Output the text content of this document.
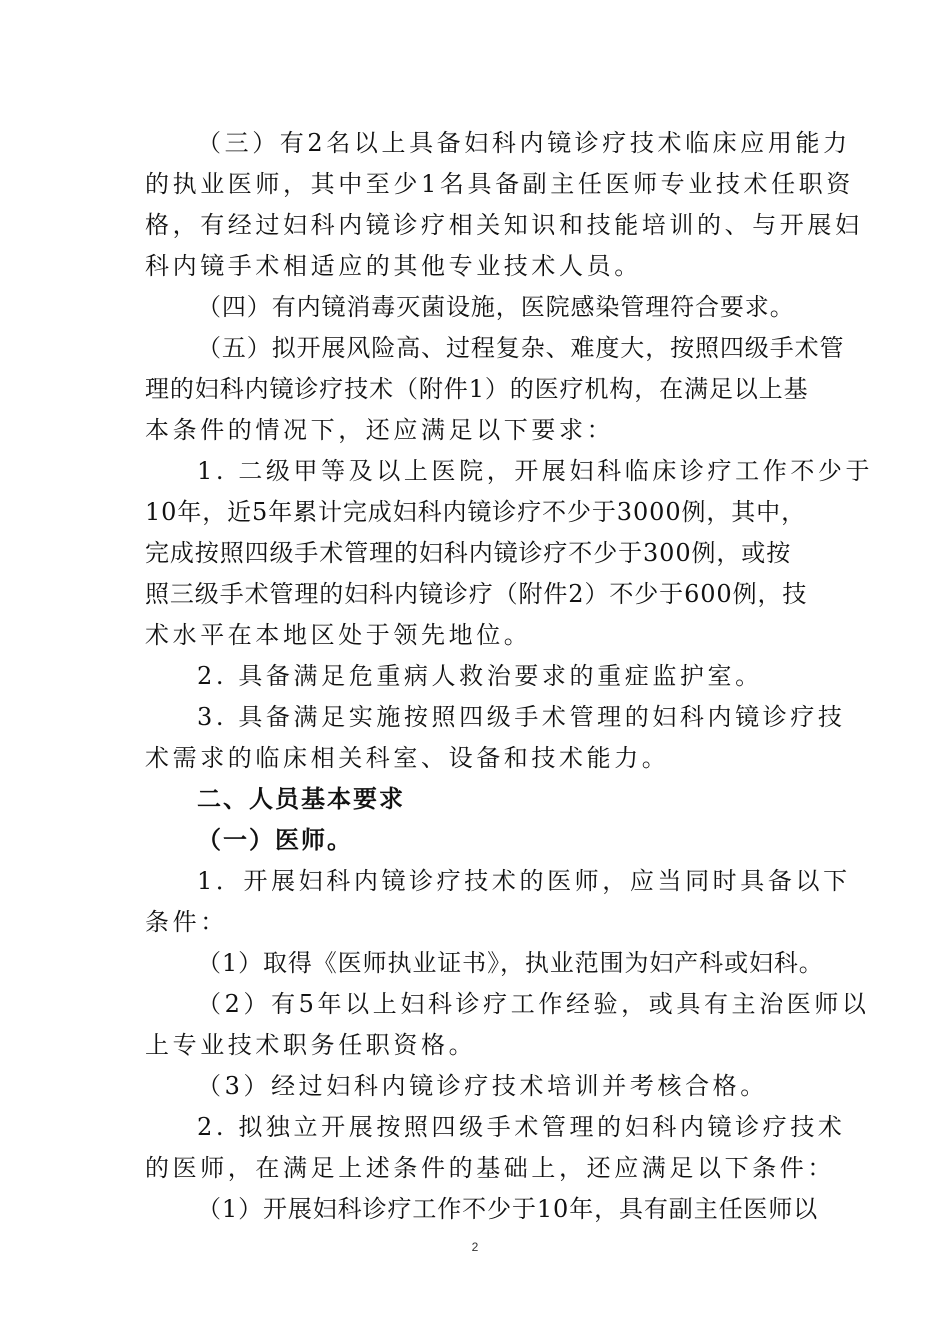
（三）有2名以上具备妇科内镜诊疗技术临床应用能力
的执业医师，其中至少1名具备副主任医师专业技术任职资
格，有经过妇科内镜诊疗相关知识和技能培训的、与开展妇
科内镜手术相适应的其他专业技术人员。
（四）有内镜消毒灭菌设施，医院感染管理符合要求。
（五）拟开展风险高、过程复杂、难度大，按照四级手术管
理的妇科内镜诊疗技术（附件1）的医疗机构，在满足以上基
本条件的情况下，还应满足以下要求：
1. 二级甲等及以上医院，开展妇科临床诊疗工作不少于
10年，近5年累计完成妇科内镜诊疗不少于3000例，其中，
完成按照四级手术管理的妇科内镜诊疗不少于300例，或按
照三级手术管理的妇科内镜诊疗（附件2）不少于600例，技
术水平在本地区处于领先地位。
2. 具备满足危重病人救治要求的重症监护室。
3. 具备满足实施按照四级手术管理的妇科内镜诊疗技
术需求的临床相关科室、设备和技术能力。
二、人员基本要求
（一）医师。
1．开展妇科内镜诊疗技术的医师，应当同时具备以下
条件：
（1）取得《医师执业证书》，执业范围为妇产科或妇科。
（2）有5年以上妇科诊疗工作经验，或具有主治医师以
上专业技术职务任职资格。
（3）经过妇科内镜诊疗技术培训并考核合格。
2. 拟独立开展按照四级手术管理的妇科内镜诊疗技术
的医师，在满足上述条件的基础上，还应满足以下条件：
（1）开展妇科诊疗工作不少于10年，具有副主任医师以
2
